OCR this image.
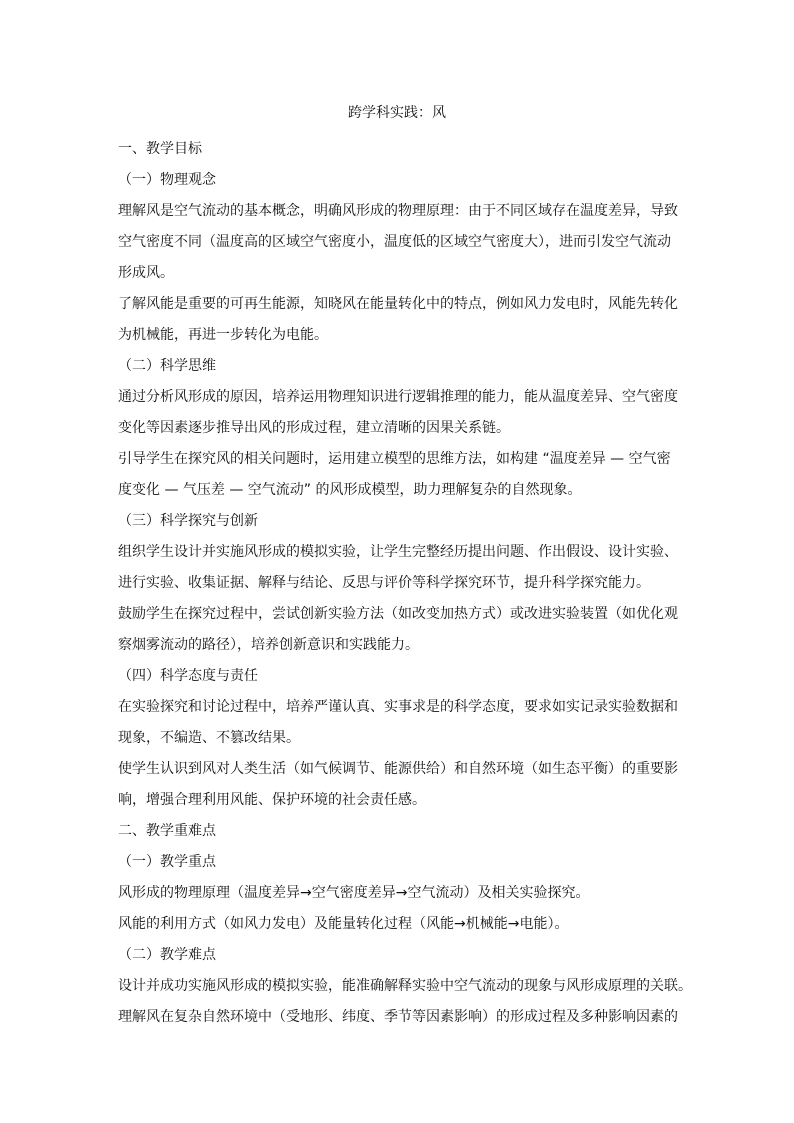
跨学科实践：风

一、教学目标

（一）物理观念

理解风是空气流动的基本概念，明确风形成的物理原理：由于不同区域存在温度差异，导致

空气密度不同（温度高的区域空气密度小，温度低的区域空气密度大），进而引发空气流动

形成风。

了解风能是重要的可再生能源，知晓风在能量转化中的特点，例如风力发电时，风能先转化

为机械能，再进一步转化为电能。

（二）科学思维

通过分析风形成的原因，培养运用物理知识进行逻辑推理的能力，能从温度差异、空气密度

变化等因素逐步推导出风的形成过程，建立清晰的因果关系链。

引导学生在探究风的相关问题时，运用建立模型的思维方法，如构建 “温度差异 — 空气密

度变化 — 气压差 — 空气流动” 的风形成模型，助力理解复杂的自然现象。

（三）科学探究与创新

组织学生设计并实施风形成的模拟实验，让学生完整经历提出问题、作出假设、设计实验、

进行实验、收集证据、解释与结论、反思与评价等科学探究环节，提升科学探究能力。

鼓励学生在探究过程中，尝试创新实验方法（如改变加热方式）或改进实验装置（如优化观

察烟雾流动的路径），培养创新意识和实践能力。

（四）科学态度与责任

在实验探究和讨论过程中，培养严谨认真、实事求是的科学态度，要求如实记录实验数据和

现象，不编造、不篡改结果。

使学生认识到风对人类生活（如气候调节、能源供给）和自然环境（如生态平衡）的重要影

响，增强合理利用风能、保护环境的社会责任感。

二、教学重难点

（一）教学重点

风形成的物理原理（温度差异→空气密度差异→空气流动）及相关实验探究。

风能的利用方式（如风力发电）及能量转化过程（风能→机械能→电能）。

（二）教学难点

设计并成功实施风形成的模拟实验，能准确解释实验中空气流动的现象与风形成原理的关联。

理解风在复杂自然环境中（受地形、纬度、季节等因素影响）的形成过程及多种影响因素的
